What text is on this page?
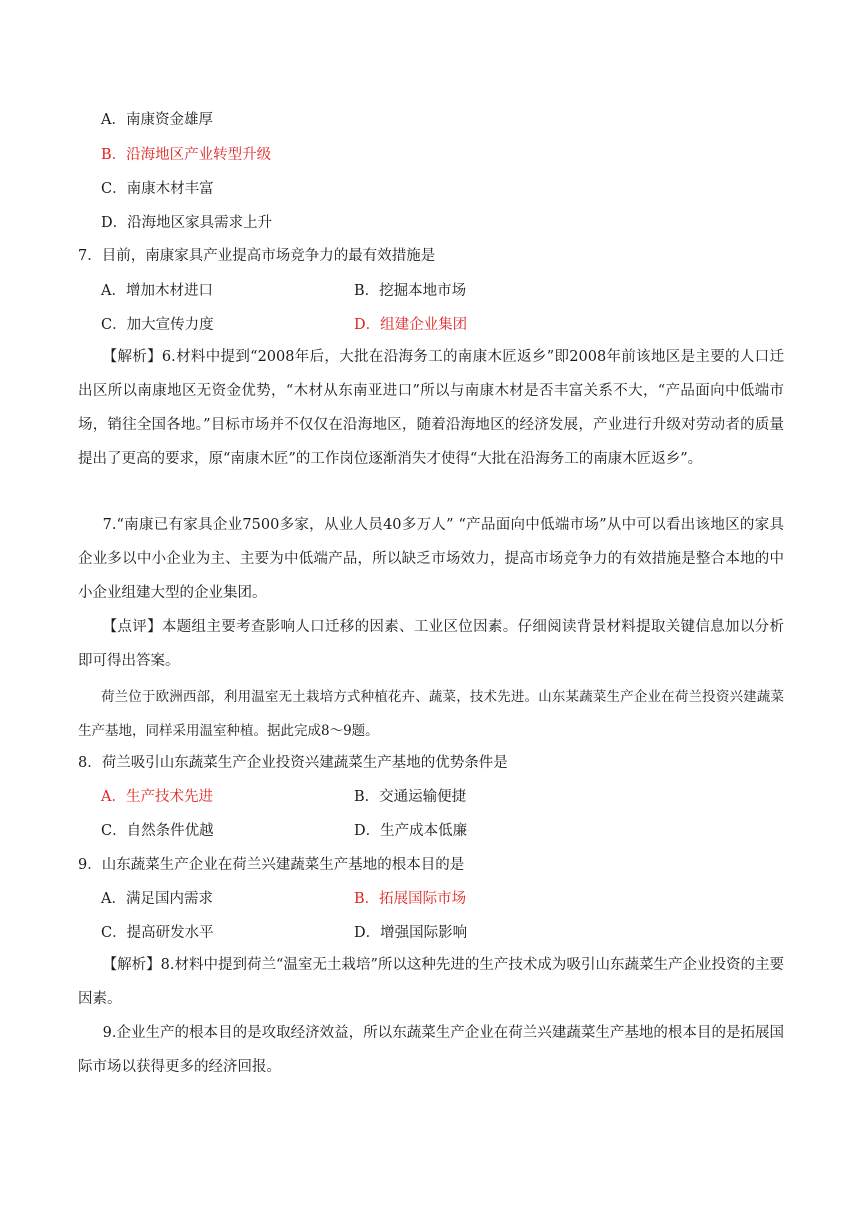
A．南康资金雄厚
B．沿海地区产业转型升级
C．南康木材丰富
D．沿海地区家具需求上升
7．目前，南康家具产业提高市场竞争力的最有效措施是
A．增加木材进口	B．挖掘本地市场
C．加大宣传力度	D．组建企业集团
【解析】6.材料中提到“2008年后，大批在沿海务工的南康木匠返乡”即2008年前该地区是主要的人口迁出区所以南康地区无资金优势，“木材从东南亚进口”所以与南康木材是否丰富关系不大，“产品面向中低端市场，销往全国各地。”目标市场并不仅仅在沿海地区，随着沿海地区的经济发展，产业进行升级对劳动者的质量提出了更高的要求，原“南康木匠”的工作岗位逐渐消失才使得“大批在沿海务工的南康木匠返乡”。
7.“南康已有家具企业7500多家，从业人员40多万人” “产品面向中低端市场”从中可以看出该地区的家具企业多以中小企业为主、主要为中低端产品，所以缺乏市场效力，提高市场竞争力的有效措施是整合本地的中小企业组建大型的企业集团。
【点评】本题组主要考查影响人口迁移的因素、工业区位因素。仔细阅读背景材料提取关键信息加以分析即可得出答案。
荷兰位于欧洲西部，利用温室无土栽培方式种植花卉、蔬菜，技术先进。山东某蔬菜生产企业在荷兰投资兴建蔬菜生产基地，同样采用温室种植。据此完成8～9题。
8．荷兰吸引山东蔬菜生产企业投资兴建蔬菜生产基地的优势条件是
A．生产技术先进	B．交通运输便捷
C．自然条件优越	D．生产成本低廉
9．山东蔬菜生产企业在荷兰兴建蔬菜生产基地的根本目的是
A．满足国内需求	B．拓展国际市场
C．提高研发水平	D．增强国际影响
【解析】8.材料中提到荷兰“温室无土栽培”所以这种先进的生产技术成为吸引山东蔬菜生产企业投资的主要因素。
9.企业生产的根本目的是攻取经济效益，所以东蔬菜生产企业在荷兰兴建蔬菜生产基地的根本目的是拓展国际市场以获得更多的经济回报。
